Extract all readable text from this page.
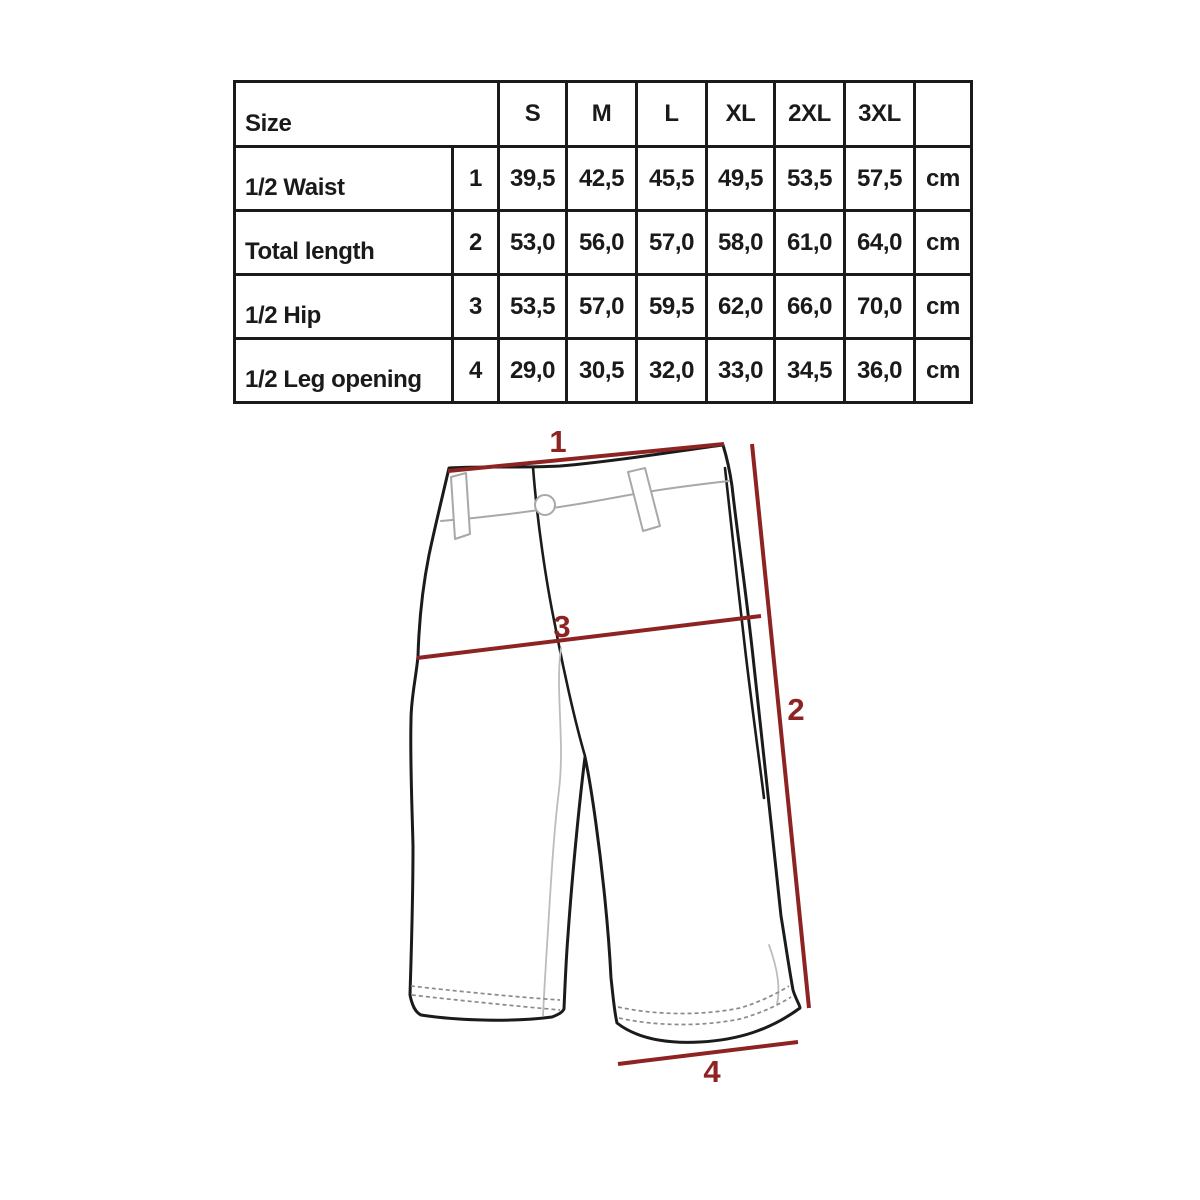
Size		S	M	L	XL	2XL	3XL	
1/2 Waist	1	39,5	42,5	45,5	49,5	53,5	57,5	cm
Total length	2	53,0	56,0	57,0	58,0	61,0	64,0	cm
1/2 Hip	3	53,5	57,0	59,5	62,0	66,0	70,0	cm
1/2 Leg opening	4	29,0	30,5	32,0	33,0	34,5	36,0	cm
1
2
3
4
